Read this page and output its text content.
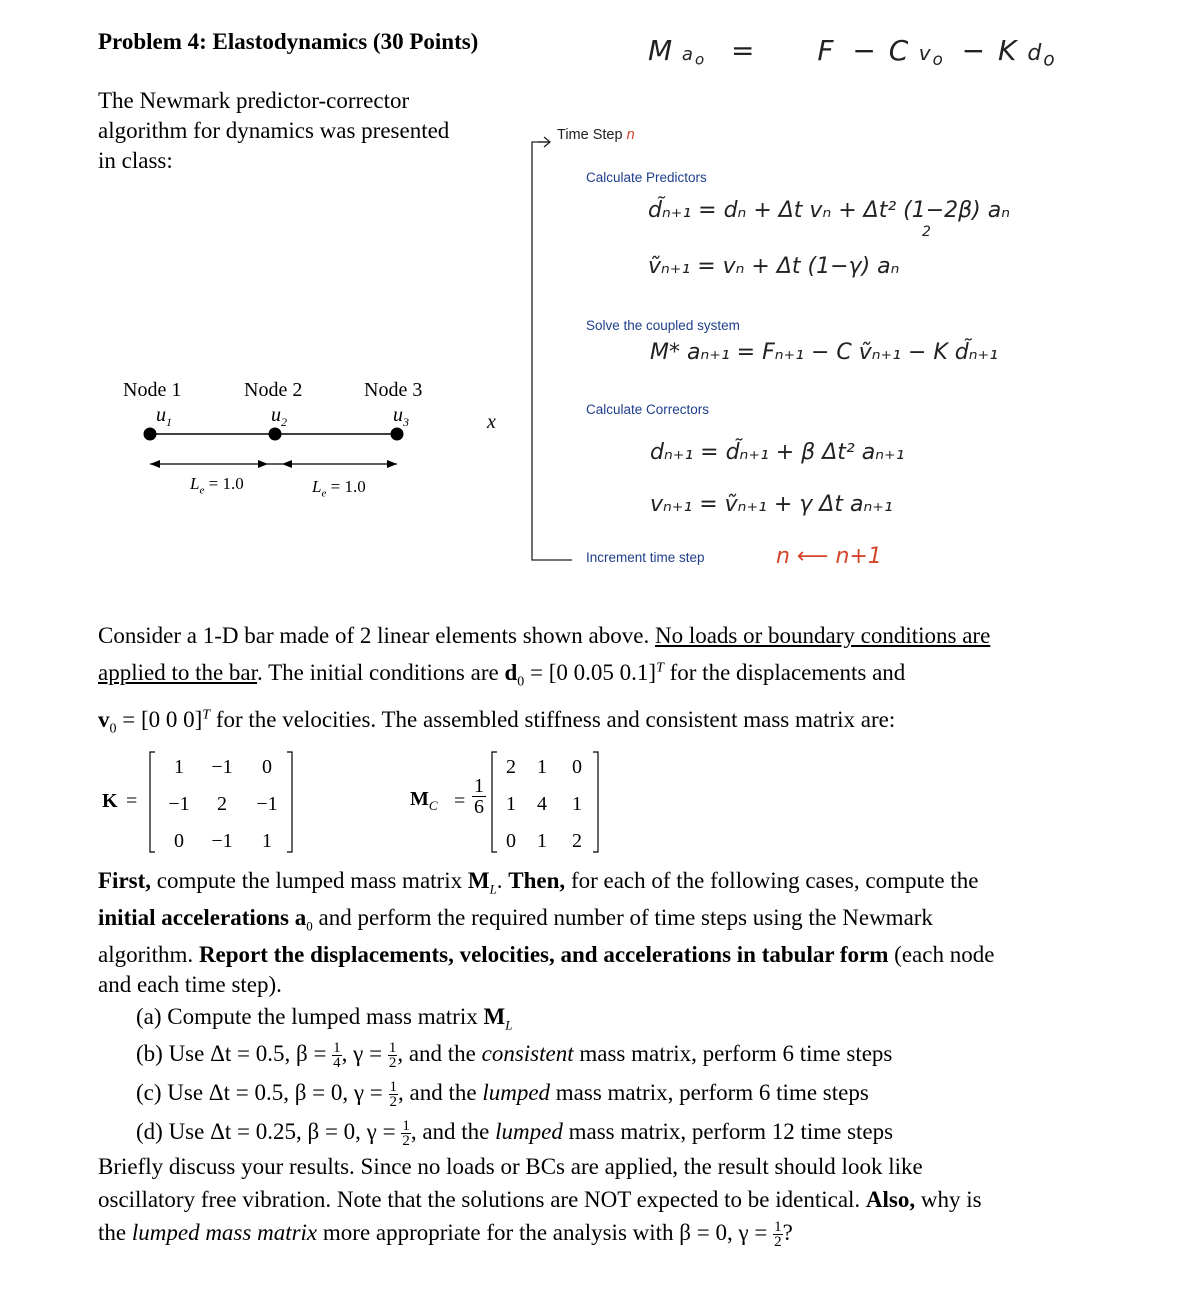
Problem 4: Elastodynamics (30 Points)
The Newmark predictor-corrector
algorithm for dynamics was presented
in class:
Node 1	Node 2	Node 3
$u_1$	$u_2$	$u_3$	x
$L_e = 1.0$	$L_e = 1.0$
M $a_o = F - C$ $v_o - K$ $d_o$
Time Step n
Calculate Predictors
d̃ₙ₊₁ = dₙ + Δt vₙ + Δt² (1−2β) aₙ
2
ṽₙ₊₁ = vₙ + Δt (1−γ) aₙ
Solve the coupled system
M* aₙ₊₁ = Fₙ₊₁ − C ṽₙ₊₁ − K d̃ₙ₊₁
Calculate Correctors
dₙ₊₁ = d̃ₙ₊₁ + β Δt² aₙ₊₁
vₙ₊₁ = ṽₙ₊₁ + γ Δt aₙ₊₁
Increment time step	n ⟵ n+1
Consider a 1-D bar made of 2 linear elements shown above. No loads or boundary conditions are
applied to the bar. The initial conditions are $d_0 = [0$ 0.05 0.1]$^T$ for the displacements and
$v_0 = [0$ 0 0]$^T$ for the velocities. The assembled stiffness and consistent mass matrix are:
K =
1	−1	0
−1	2	−1
0	−1	1
$M_C = \frac{1}{6}$
2	1	0
1	4	1
0	1	2
First, compute the lumped mass matrix $M_L$. Then, for each of the following cases, compute the
initial accelerations $a_0$ and perform the required number of time steps using the Newmark
algorithm. Report the displacements, velocities, and accelerations in tabular form (each node
and each time step).
(a) Compute the lumped mass matrix $M_L$
(b) Use Δt = 0.5, $\beta = \frac{1}{4}$ , $\gamma = \frac{1}{2}$ , and the consistent mass matrix, perform 6 time steps
(c) Use Δt = 0.5, β = 0, $\gamma = \frac{1}{2}$ , and the lumped mass matrix, perform 6 time steps
(d) Use Δt = 0.25, β = 0, $\gamma = \frac{1}{2}$ , and the lumped mass matrix, perform 12 time steps
Briefly discuss your results. Since no loads or BCs are applied, the result should look like
oscillatory free vibration. Note that the solutions are NOT expected to be identical. Also, why is
the lumped mass matrix more appropriate for the analysis with β = 0, $\gamma = \frac{1}{2}$ ?
